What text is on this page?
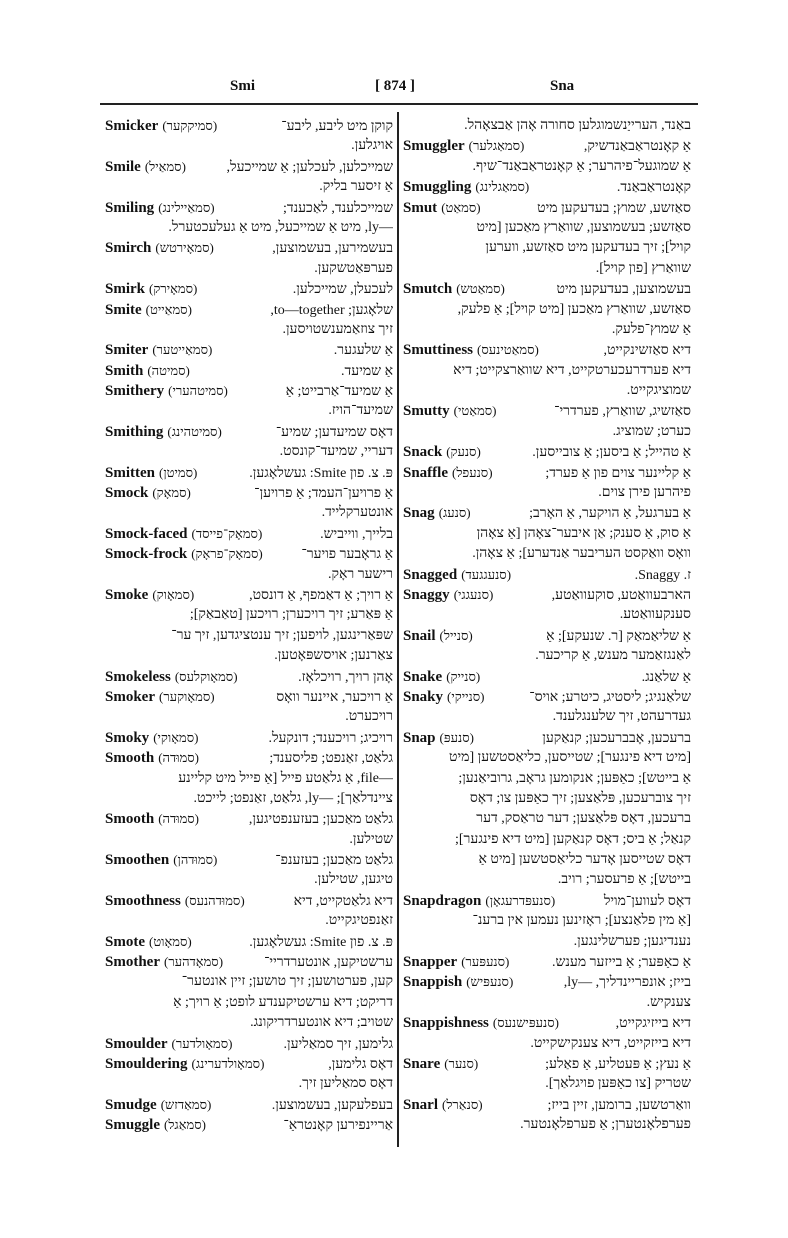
Smi	[ 874 ]	Sna
Smicker (סמיקקער)	קוקן מיט ליבע, ליבע־
אויגלען.
Smile (סמאַיל)	שמייכלען, לעכלען; אַ שמייכעל,
אַ זיסער בליק.
Smiling (סמאַיילינג)	שמייכלענד, לאַכענד;
—ly, מיט אַ שמייכעל, מיט אַ געלעכטערל.
Smirch (סמאָירטש)	בעשמירען, בעשמוצען,
פערפּאַטשקען.
Smirk (סמאָירק)	לעכעלן, שמייכלען.
Smite (סמאַייט)	שלאָגען; to—together,
זיך צוזאַמענשטויסען.
Smiter (סמאַייטער)	אַ שלעגער.
Smith (סמיטה)	אַ שמיעד.
Smithery (סמיטהערי)	אַ שמיעד־אַרבייט; אַ
שמיעד־הויז.
Smithing (סמיטהינג)	דאָס שמיעדען; שמיע־
דעריי, שמיעד־קונסט.
Smitten (סמיטן)	פּ. צ. פון Smite: געשלאָגען.
Smock (סמאָק)	אַ פרויען־העמד; אַ פרויען־
אונטערקלייד.
Smock-faced (סמאָק־פייסד)	בלייך, ווייביש.
Smock-frock (סמאָק־פראָק)	אַ גראָבער פויער־
רישער ראָק.
Smoke (סמאָוק)	אַ רויך; אַ דאַמפף, אַ דונסט,
אַ פּאַרע; זיך רויכערן; רויכען [טאַבאַק];
שפּאַרינגען, לויפען; זיך ענטציגדען, זיך ער־
צאַרנען; אויסשפּאָטען.
Smokeless (סמאָוקלעס)	אָהן רויך, רויכלאָז.
Smoker (סמאָוקער)	אַ רויכער, איינער וואָס
רויכערט.
Smoky (סמאָוקי)	רויכיג; רויכענד; דונקעל.
Smooth (סמוּדה)	גלאַט, זאַנפט; פליסענד;
—file, אַ גלאַטע פייל [אַ פייל מיט קליינע
ציינדלאַך]; —ly, גלאַט, זאַנפט; לייכט.
Smooth (סמוּדה)	גלאַט מאַכען; בעזענפטיגען,
שטילען.
Smoothen (סמוּדהן)	גלאַט מאַכען; בעזענפ־
טיגען, שטילען.
Smoothness (סמוּדהנעס)	דיא גלאַטקייט, דיא
זאַנפטיגקייט.
Smote (סמאָוט)	פּ. צ. פון Smite: געשלאָגען.
Smother (סמאָדהער)	ערשטיקען, אונטערדריי־
קען, פערטושען; זיך טושען; זיין אונטער־
דריקט; דיא ערשטיקענדע לופט; אַ רויך; אַ
שטויב; דיא אונטערדריקונג.
Smoulder (סמאָולדער)	גלימען, זיך סמאַליען.
Smouldering (סמאָולדערינג)	דאָס גלימען,
דאָס סמאַליען זיך.
Smudge (סמאַדזש)	בעפלעקען, בעשמוצען.
Smuggle (סמאַגל)	אַריינפירען קאָנטראַ־
באַנד, הערייַנשמוגלען סחורה אָהן אַבצאָהל.
Smuggler (סמאַגלער)	אַ קאָנטראַבאַנדשיק,
אַ שמוגעל־פיהרער; אַ קאָנטראַבאַנד־שיף.
Smuggling (סמאַגלינג)	קאָנטראַבאַנד.
Smut (סמאַט)	סאַזשע, שמוץ; בעדעקען מיט
סאַזשע; בעשמוצען, שוואַרץ מאַכען [מיט
קויל]; זיך בעדעקען מיט סאַזשע, ווערען
שוואַרץ [פון קויל].
Smutch (סמאַטש)	בעשמוצען, בעדעקען מיט
סאַזשע, שוואַרץ מאַכען [מיט קויל]; אַ פלעק,
אַ שמוץ־פלעק.
Smuttiness (סמאַטינעס)	דיא סאַזשינקייט,
דיא פערדרעכערטקייט, דיא שוואַרצקייט; דיא
שמוציגקייט.
Smutty (סמאַטי)	סאַזשיג, שוואַרץ, פערדרי־
כערט; שמוציג.
Snack (סנעק)	אַ טהייל; אַ ביסען; אַ צובייסען.
Snaffle (סנעפל)	אַ קליינער צוים פון אַ פערד;
פיהרען פירן צוים.
Snag (סנעג)	אַ בערגעל, אַ הויקער, אַ האָרב;
אַ סוק, אַ סענק; אַן איבער־צאָהן [אַ צאָהן
וואָס וואַקסט העריבער אַנדערע]; אַ צאָהן.
Snagged (סנעגגעד)	ז. Snaggy.
Snaggy (סנעגגי)	הארבעוואַטע, סוקעוואַטע,
סענקעוואַטע.
Snail (סנייל)	אַ שליאַמאַק [ר. שנעקע]; אַ
לאַנגזאַמער מענש, אַ קריכער.
Snake (סנייק)	אַ שלאַנג.
Snaky (סנייקי)	שלאַנגיג; ליסטיג, כיטרע; אויס־
געדרעהט, זיך שלענגלענד.
Snap (סנעפּ)	ברעכען, אָבברעכען; קנאַקען
[מיט דיא פינגער]; שטייסען, כליאַסטשען [מיט
אַ בייטש]; כאַפּען; אנקומען גראָב, גרוביאַנען;
זיך צוברעכען, פּלאַצען; זיך כאַפּען צו; דאָס
ברעכען, דאָס פּלאַצען; דער טראַסק, דער
קנאַל; אַ ביס; דאָס קנאַקען [מיט דיא פינגער];
דאָס שטייסען אָדער כליאַסטשען [מיט אַ
בייטש]; אַ פרעסער; רויב.
Snapdragon (סנעפּדרעגאָן)	דאָס לעווען־מויל
[אַ מין פלאַנצע]; ראָזינען נעמען אין ברענ־
נענדיגען; פערשלינגען.
Snapper (סנעפּער)	אַ כאַפּער; אַ בייזער מענש.
Snappish (סנעפּיש)	בייז; אונפריינדליך, —ly,
צענקיש.
Snappishness (סנעפּישנעס)	דיא בייזיגקייט,
דיא בייזקייט, דיא צענקישקייט.
Snare (סנער)	אַ נעץ; אַ פּעטליע, אַ פאַלע;
שטריק [צו כאַפּען פויגלאַך].
Snarl (סנאַרל)	וואַרטשען, ברומען, זיין בייז;
פערפלאָנטערן; אַ פערפלאָנטער.
